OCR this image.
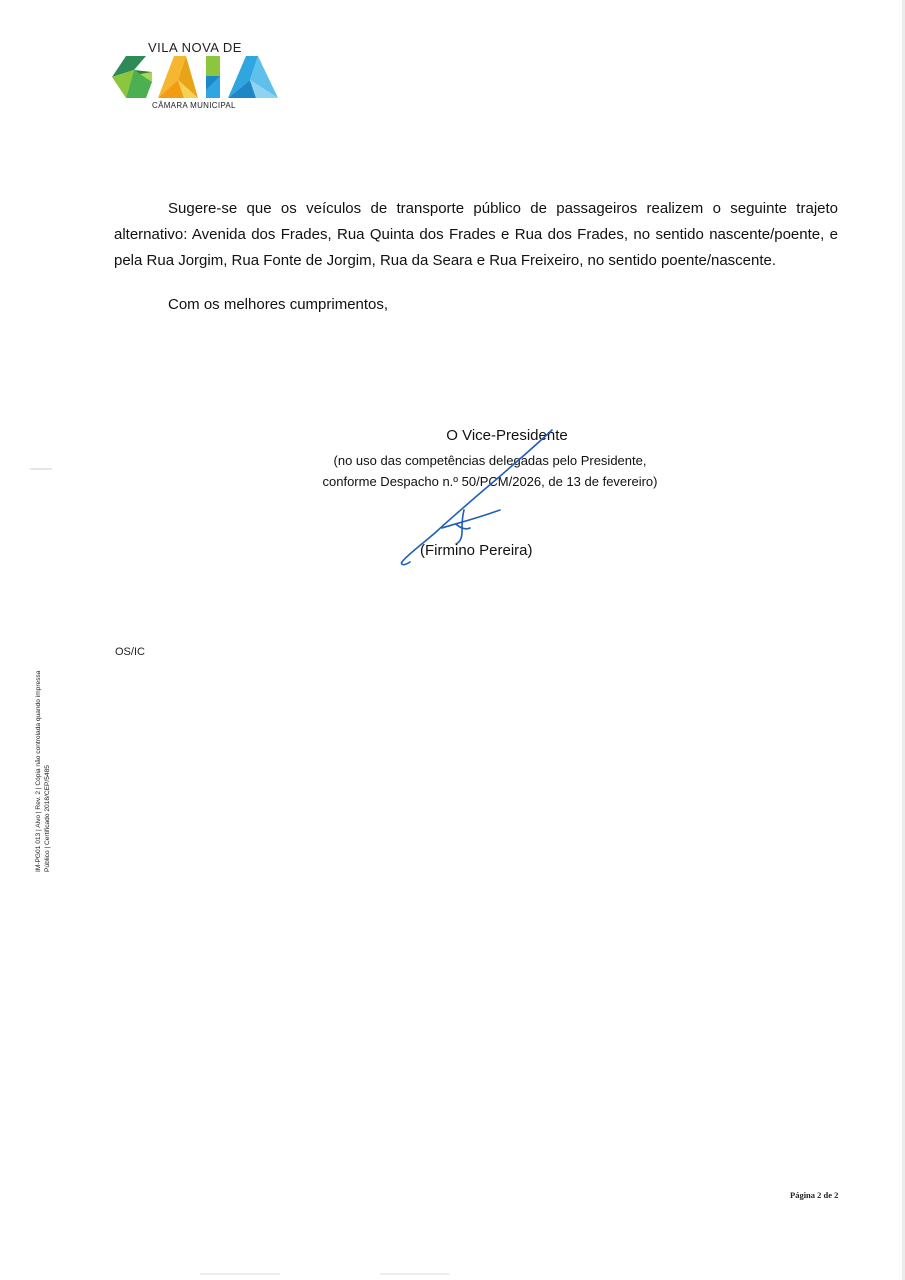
VILA NOVA DE
CÂMARA MUNICIPAL

Sugere-se que os veículos de transporte público de passageiros realizem o seguinte trajeto alternativo: Avenida dos Frades, Rua Quinta dos Frades e Rua dos Frades, no sentido nascente/poente, e pela Rua Jorgim, Rua Fonte de Jorgim, Rua da Seara e Rua Freixeiro, no sentido poente/nascente.

Com os melhores cumprimentos,

O Vice-Presidente

(no uso das competências delegadas pelo Presidente,

conforme Despacho n.º 50/PCM/2026, de 13 de fevereiro)

(Firmino Pereira)
OS/IC
IM-PG01 013 | Alvo | Rev. 2 | Cópia não controlada quando impressa Público | Certificado 2018/CEP/5485
Página 2 de 2
